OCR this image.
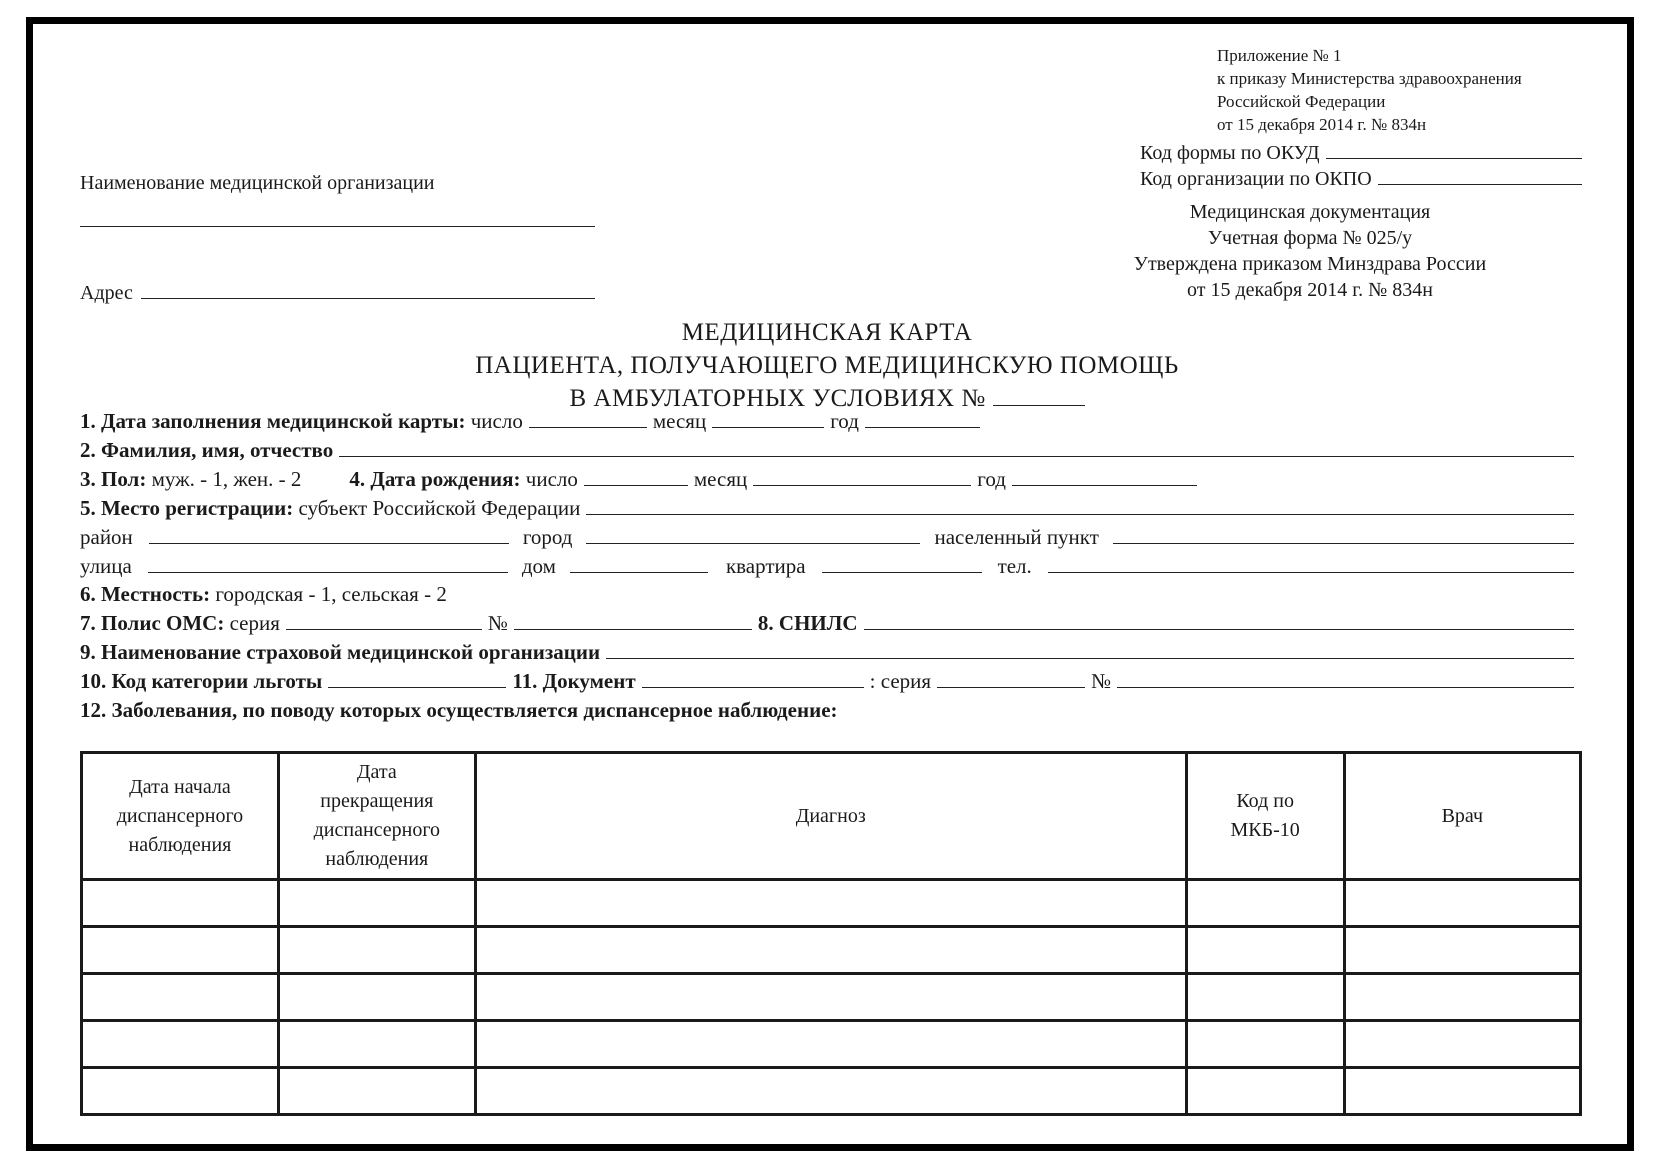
Приложение № 1
к приказу Министерства здравоохранения
Российской Федерации
от 15 декабря 2014 г. № 834н
Код формы по ОКУД
Код организации по ОКПО
Медицинская документация
Учетная форма № 025/у
Утверждена приказом Минздрава России
от 15 декабря 2014 г. № 834н
Наименование медицинской организации
Адрес
МЕДИЦИНСКАЯ КАРТА
ПАЦИЕНТА, ПОЛУЧАЮЩЕГО МЕДИЦИНСКУЮ ПОМОЩЬ
В АМБУЛАТОРНЫХ УСЛОВИЯХ №
1. Дата заполнения медицинской карты:
число	месяц	год
2. Фамилия, имя, отчество
3. Пол:
муж. - 1, жен. - 2 4. Дата рождения:
число	месяц	год
5. Место регистрации:
субъект Российской Федерации
район	город	населенный пункт
улица	дом	квартира	тел.
6. Местность:
городская - 1, сельская - 2
7. Полис ОМС:
серия	№	8. СНИЛС
9. Наименование страховой медицинской организации
10. Код категории льготы	11. Документ	: серия	№
12. Заболевания, по поводу которых осуществляется диспансерное наблюдение:
Дата начала диспансерного наблюдения	Дата прекращения диспансерного наблюдения	Диагноз	Код по МКБ-10	Врач
